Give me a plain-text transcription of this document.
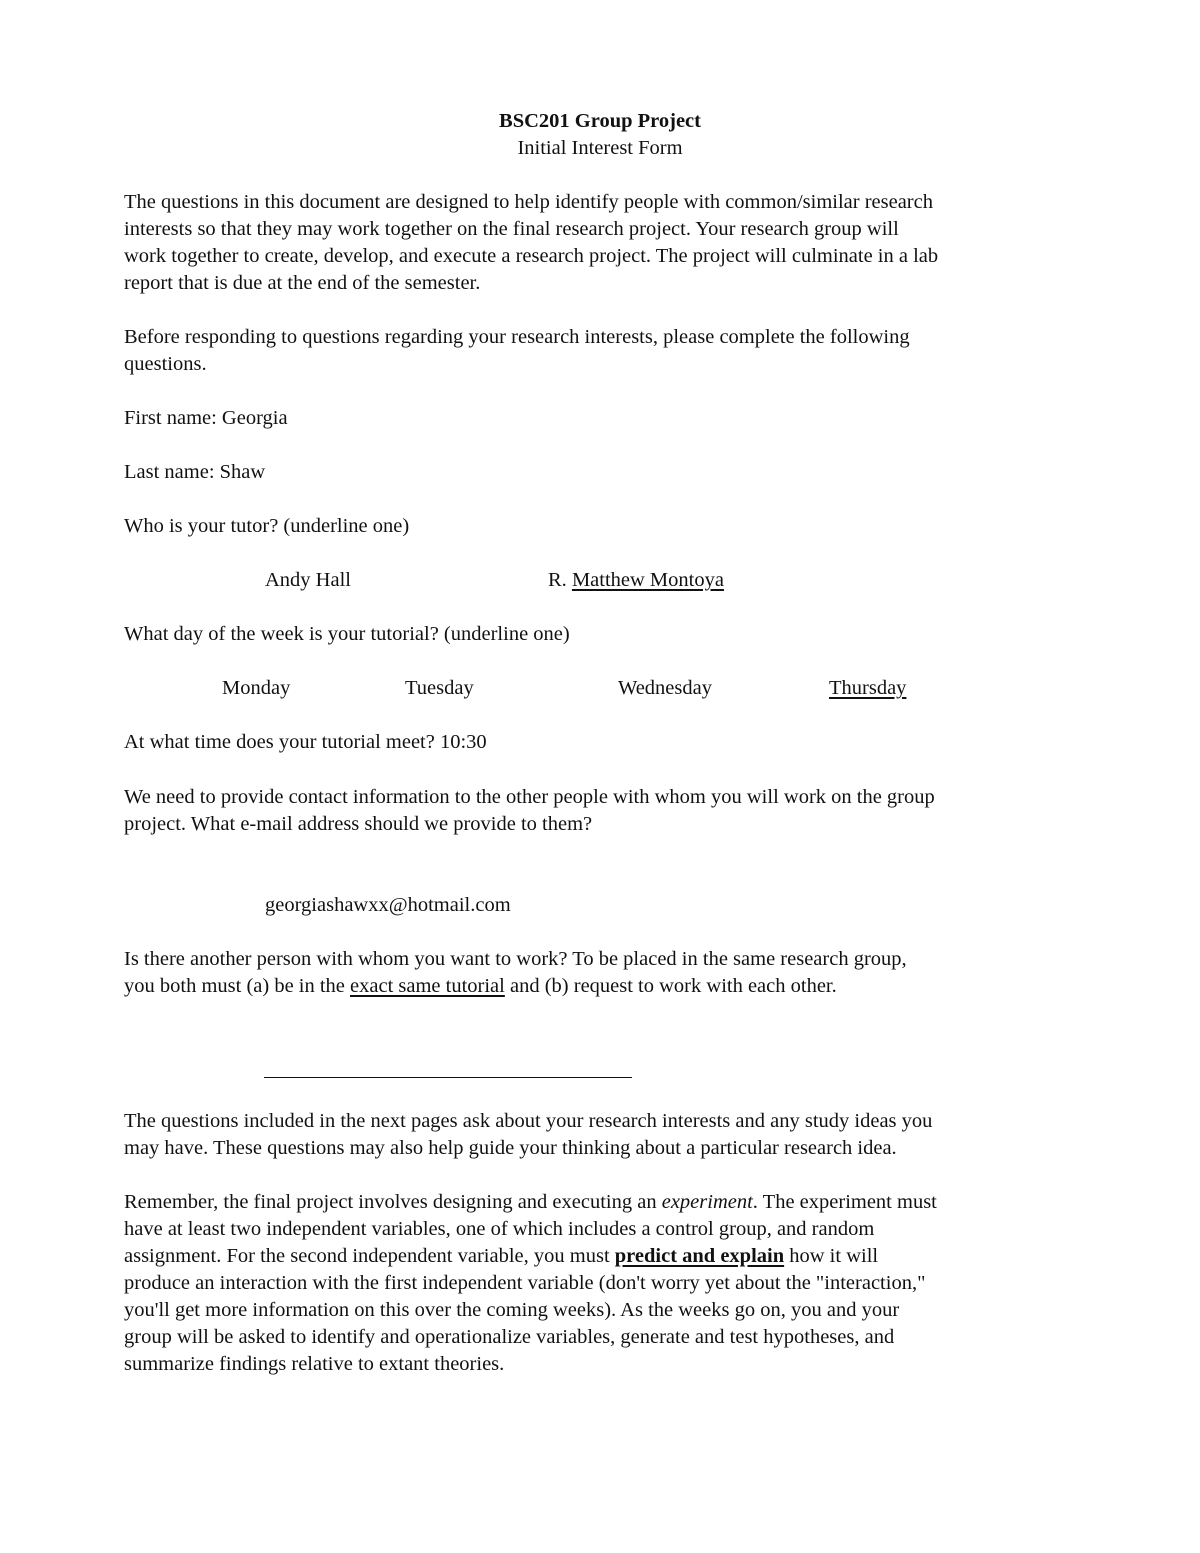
BSC201 Group Project
Initial Interest Form
The questions in this document are designed to help identify people with common/similar research
interests so that they may work together on the final research project. Your research group will
work together to create, develop, and execute a research project. The project will culminate in a lab
report that is due at the end of the semester.
Before responding to questions regarding your research interests, please complete the following
questions.
First name: Georgia
Last name: Shaw
Who is your tutor? (underline one)
Andy Hall	R. Matthew Montoya
What day of the week is your tutorial? (underline one)
Monday	Tuesday	Wednesday	Thursday
At what time does your tutorial meet? 10:30
We need to provide contact information to the other people with whom you will work on the group
project. What e-mail address should we provide to them?
georgiashawxx@hotmail.com
Is there another person with whom you want to work? To be placed in the same research group,
you both must (a) be in the exact same tutorial and (b) request to work with each other.
The questions included in the next pages ask about your research interests and any study ideas you
may have. These questions may also help guide your thinking about a particular research idea.
Remember, the final project involves designing and executing an experiment. The experiment must
have at least two independent variables, one of which includes a control group, and random
assignment. For the second independent variable, you must predict and explain how it will
produce an interaction with the first independent variable (don't worry yet about the "interaction,"
you'll get more information on this over the coming weeks). As the weeks go on, you and your
group will be asked to identify and operationalize variables, generate and test hypotheses, and
summarize findings relative to extant theories.
